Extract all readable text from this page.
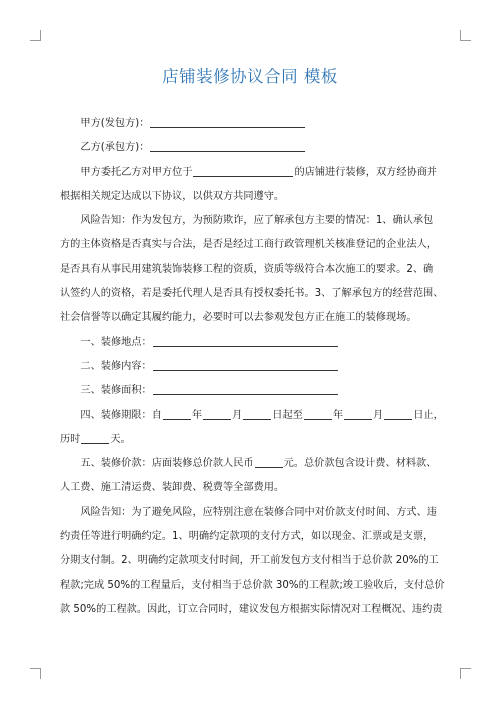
店铺装修协议合同 模板

甲方(发包方)：

乙方(承包方)：

甲方委托乙方对甲方位于	的店铺进行装修，双方经协商并

根据相关规定达成以下协议，以供双方共同遵守。

风险告知：作为发包方，为预防欺诈，应了解承包方主要的情况：1、确认承包

方的主体资格是否真实与合法，是否是经过工商行政管理机关核准登记的企业法人，

是否具有从事民用建筑装饰装修工程的资质，资质等级符合本次施工的要求。2、确

认签约人的资格，若是委托代理人是否具有授权委托书。3、了解承包方的经营范围、

社会信誉等以确定其履约能力，必要时可以去参观发包方正在施工的装修现场。

一、装修地点：

二、装修内容：

三、装修面积：

四、装修期限：自	年	月	日起至	年	月	日止，

历时	天。

五、装修价款：店面装修总价款人民币	元。总价款包含设计费、材料款、

人工费、施工清运费、装卸费、税费等全部费用。

风险告知：为了避免风险，应特别注意在装修合同中对价款支付时间、方式、违

约责任等进行明确约定。1、明确约定款项的支付方式，如以现金、汇票或是支票，

分期支付制。2、明确约定款项支付时间，开工前发包方支付相当于总价款 20%的工

程款;完成 50%的工程量后，支付相当于总价款 30%的工程款;竣工验收后，支付总价

款 50%的工程款。因此，订立合同时，建议发包方根据实际情况对工程概况、违约责
